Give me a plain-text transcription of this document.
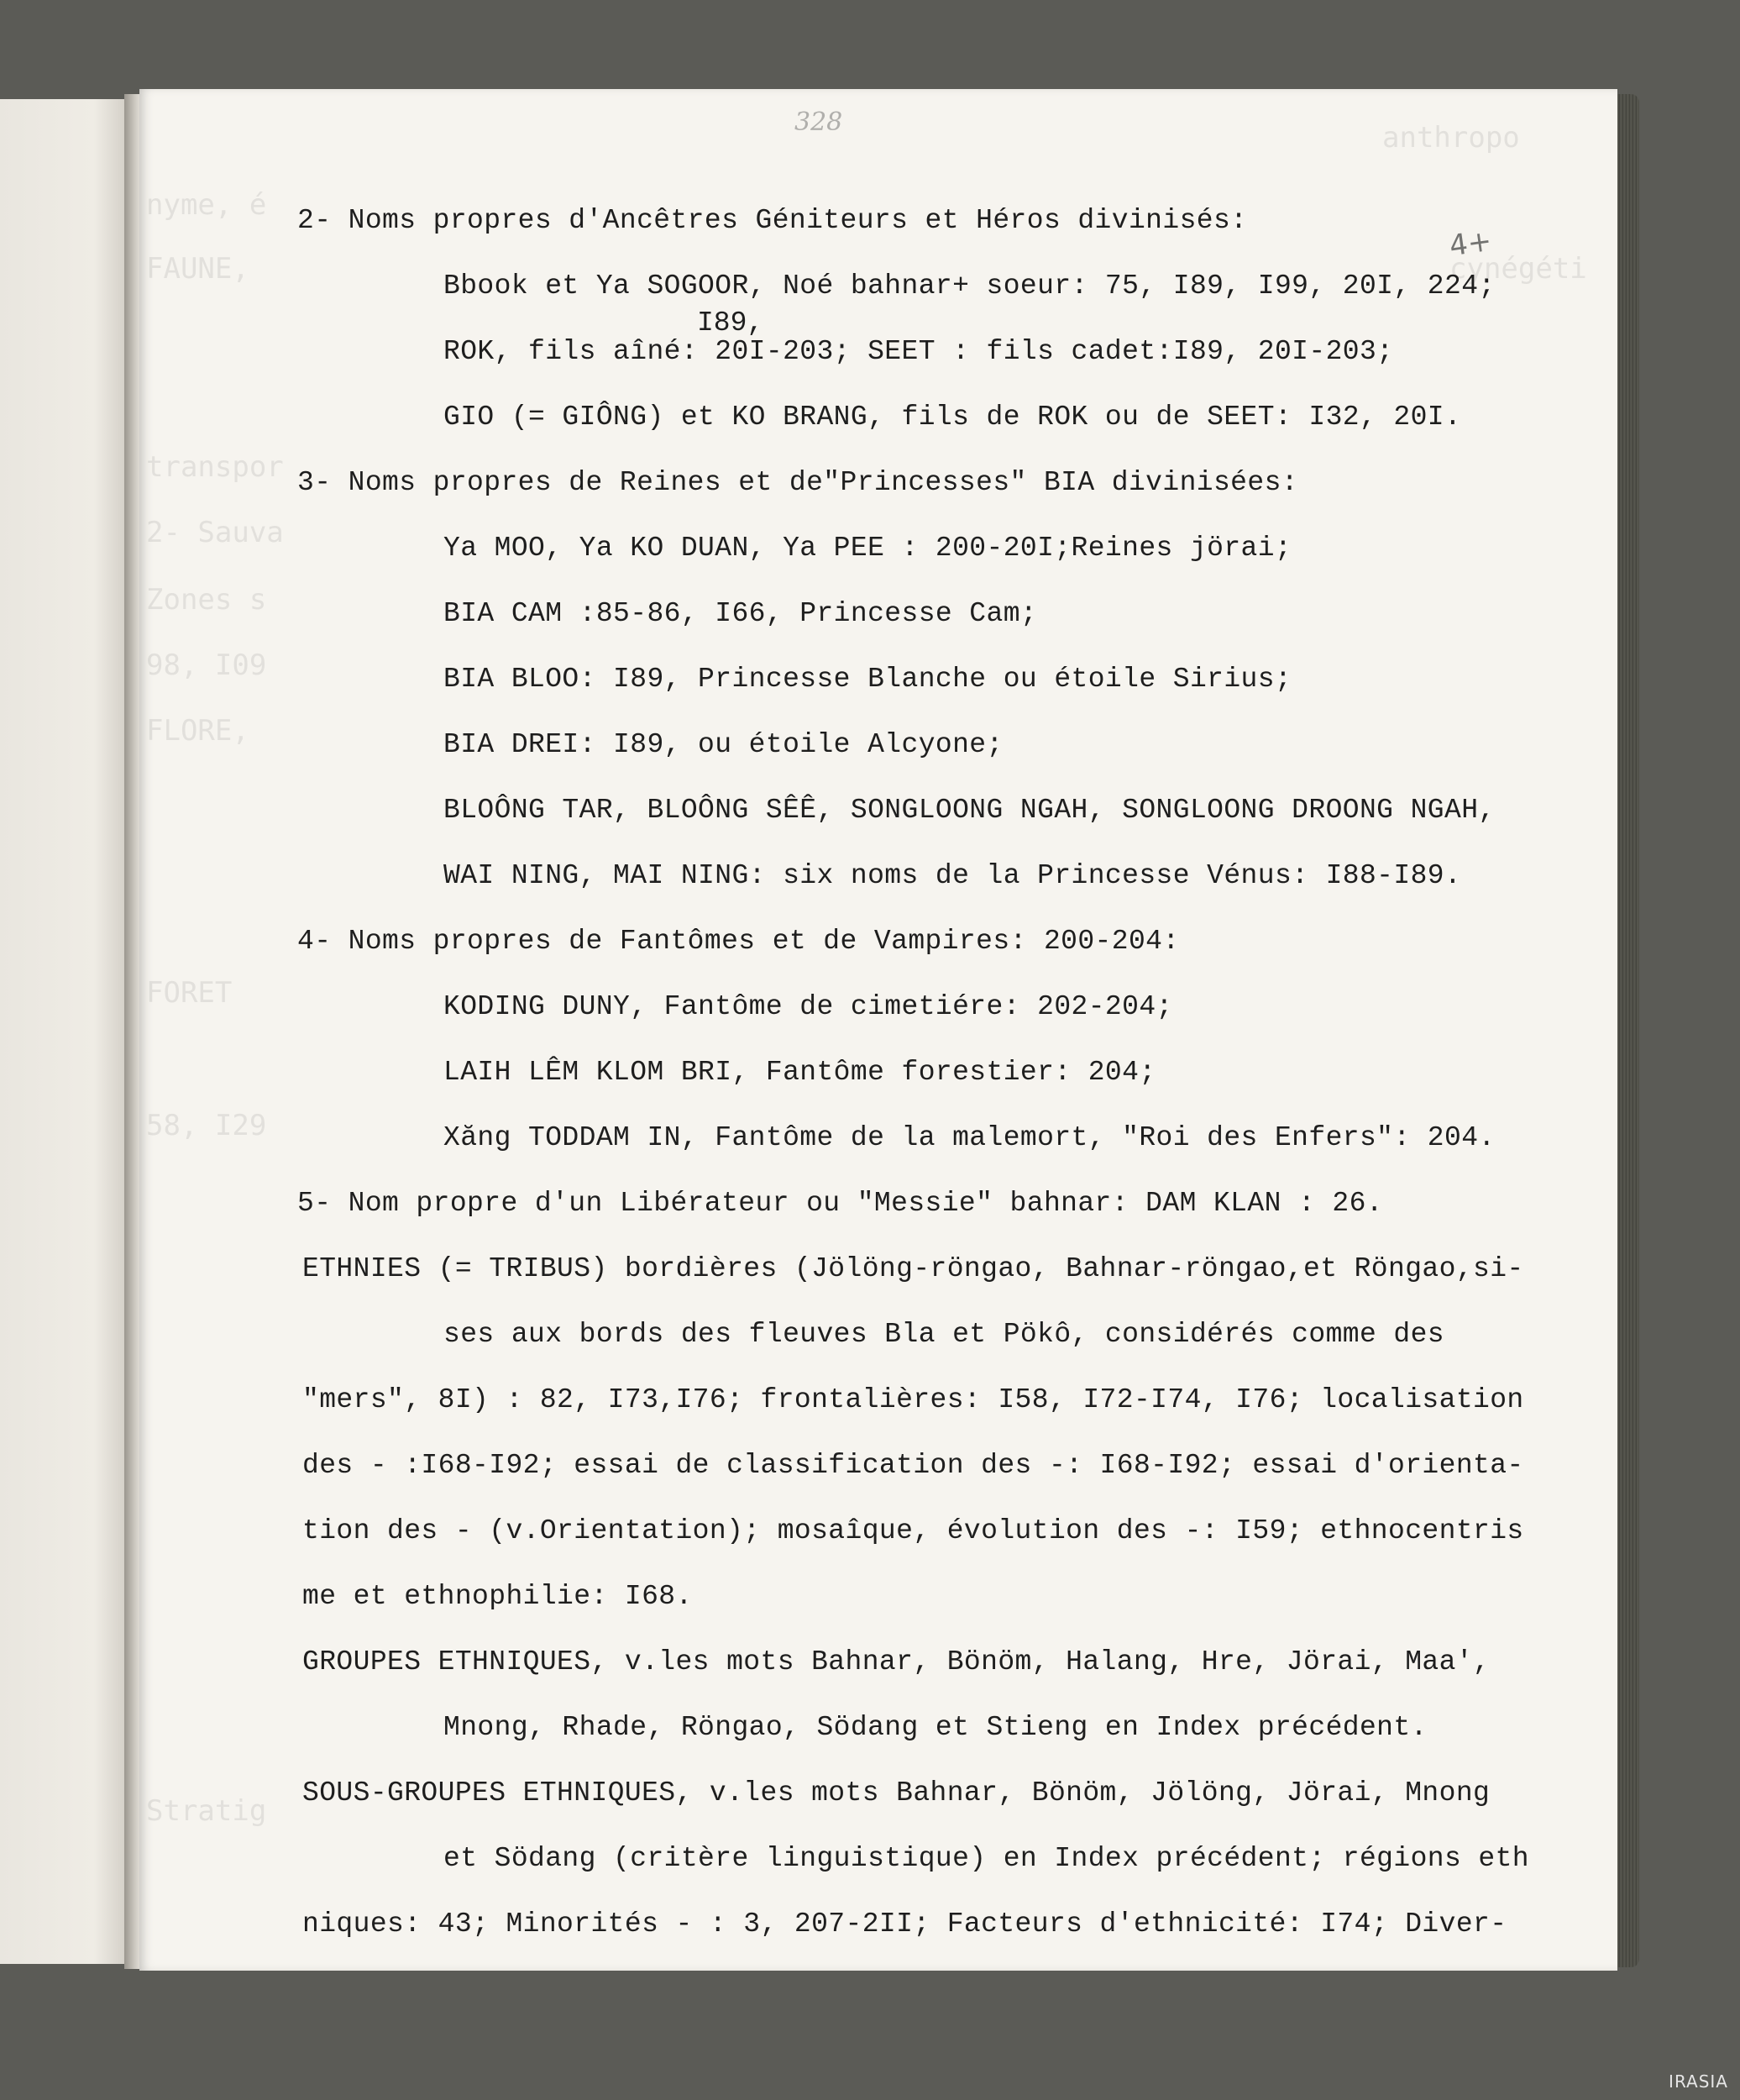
anthropo
nyme, é
FAUNE,	cynégéti
transpor
2- Sauva
Zones s
98, I09
FLORE,
FORET
58, I29
Stratig
328
4+
2- Noms propres d'Ancêtres Géniteurs et Héros divinisés:
Bbook et Ya SOGOOR, Noé bahnar+ soeur: 75, I89, I99, 20I, 224;
I89,
ROK, fils aîné: 20I-203; SEET : fils cadet:I89, 20I-203;
GIO (= GIÔNG) et KO BRANG, fils de ROK ou de SEET: I32, 20I.
3- Noms propres de Reines et de"Princesses" BIA divinisées:
Ya MOO, Ya KO DUAN, Ya PEE : 200-20I;Reines jörai;
BIA CAM :85-86, I66, Princesse Cam;
BIA BLOO: I89, Princesse Blanche ou étoile Sirius;
BIA DREI: I89, ou étoile Alcyone;
BLOÔNG TAR, BLOÔNG SÊÊ, SONGLOONG NGAH, SONGLOONG DROONG NGAH,
WAI NING, MAI NING: six noms de la Princesse Vénus: I88-I89.
4- Noms propres de Fantômes et de Vampires: 200-204:
KODING DUNY, Fantôme de cimetiére: 202-204;
LAIH LÊM KLOM BRI, Fantôme forestier: 204;
Xăng TODDAM IN, Fantôme de la malemort, "Roi des Enfers": 204.
5- Nom propre d'un Libérateur ou "Messie" bahnar: DAM KLAN : 26.
ETHNIES (= TRIBUS) bordières (Jölöng-röngao, Bahnar-röngao,et Röngao,si-
ses aux bords des fleuves Bla et Pökô, considérés comme des
"mers", 8I) : 82, I73,I76; frontalières: I58, I72-I74, I76; localisation
des - :I68-I92; essai de classification des -: I68-I92; essai d'orienta-
tion des - (v.Orientation); mosaîque, évolution des -: I59; ethnocentris
me et ethnophilie: I68.
GROUPES ETHNIQUES, v.les mots Bahnar, Bönöm, Halang, Hre, Jörai, Maa',
Mnong, Rhade, Röngao, Södang et Stieng en Index précédent.
SOUS-GROUPES ETHNIQUES, v.les mots Bahnar, Bönöm, Jölöng, Jörai, Mnong
et Södang (critère linguistique) en Index précédent; régions eth
niques: 43; Minorités - : 3, 207-2II; Facteurs d'ethnicité: I74; Diver-
IRASIA
